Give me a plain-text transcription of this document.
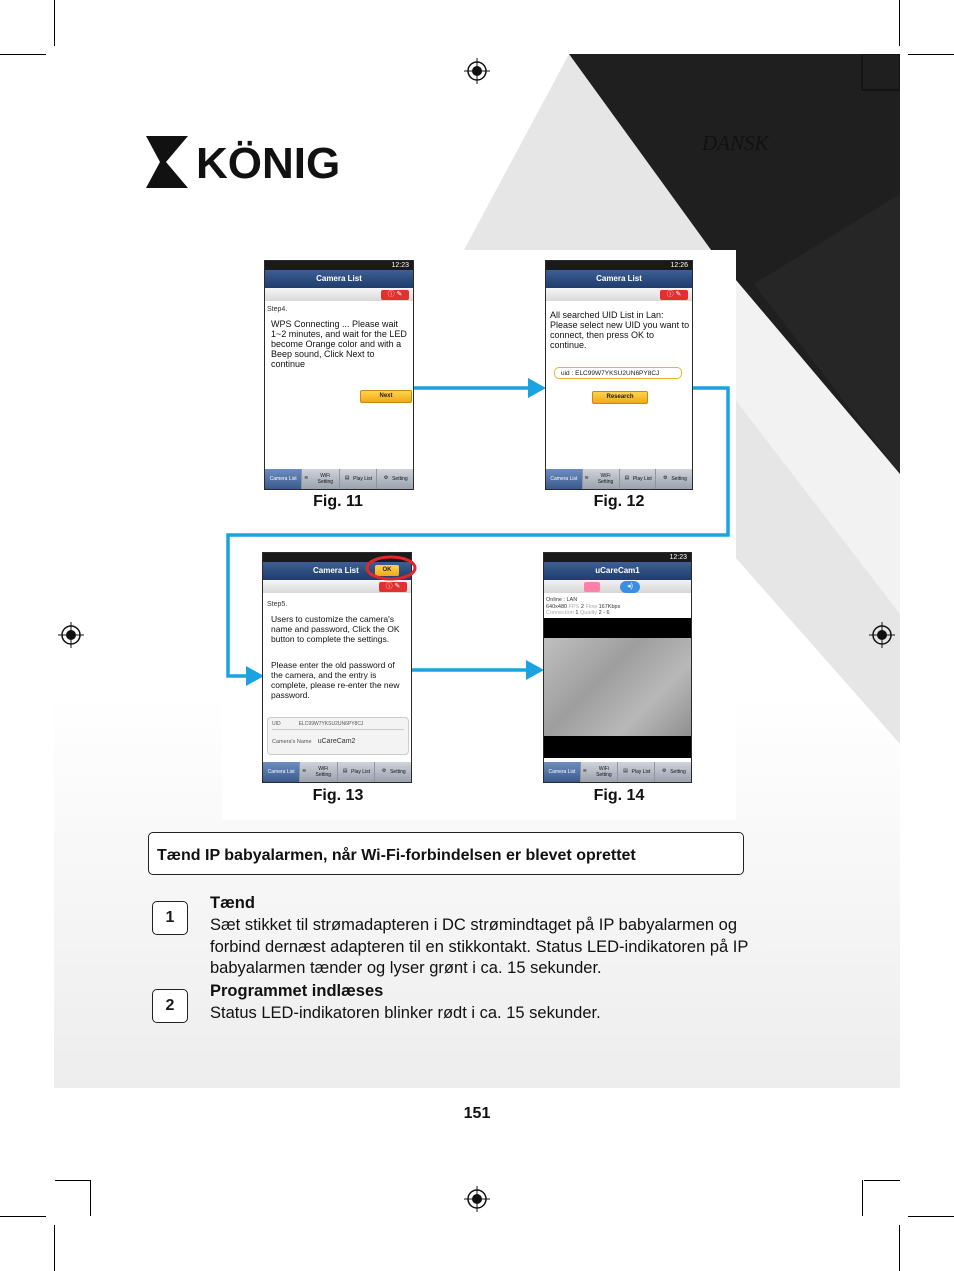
KÖNIG	DANSK
12:23
Camera List
ⓘ ✎
Step4.
WPS Connecting ... Please wait 1~2 minutes, and wait for the LED become Orange color and with a Beep sound, Click Next to continue
Next
Camera List	≋	WiFi Setting
▤ Play List	⚙ Setting
Fig. 11
12:26
Camera List
ⓘ ✎
All searched UID List in Lan: Please select new UID you want to connect, then press OK to continue.
uid : ELC99W7YKSU2UN6PY8CJ
Research
Camera List	≋	WiFi Setting
▤ Play List	⚙ Setting
Fig. 12
Camera List	OK
ⓘ ✎
Step5.
Users to customize the camera's name and password, Click the OK button to complete the settings.
Please enter the old password of the camera, and the entry is complete, please re-enter the new password.
UID	ELC99W7YKSU2UN6PY8CJ
Camera's Name uCareCam2
Camera List	≋	WiFi Setting
▤ Play List	⚙ Setting
Fig. 13
12:23
uCareCam1
◂)
Online : LAN
640x480 FPS 2 Flow 167Kbps
Connection 1 Quality 2 - 6
Camera List	≋	WiFi Setting
▤ Play List	⚙ Setting
Fig. 14
Tænd IP babyalarmen, når Wi-Fi-forbindelsen er blevet oprettet
1
Tænd
Sæt stikket til strømadapteren i DC strømindtaget på IP babyalarmen og forbind dernæst adapteren til en stikkontakt. Status LED-indikatoren på IP babyalarmen tænder og lyser grønt i ca. 15 sekunder.
2
Programmet indlæses
Status LED-indikatoren blinker rødt i ca. 15 sekunder.
151
